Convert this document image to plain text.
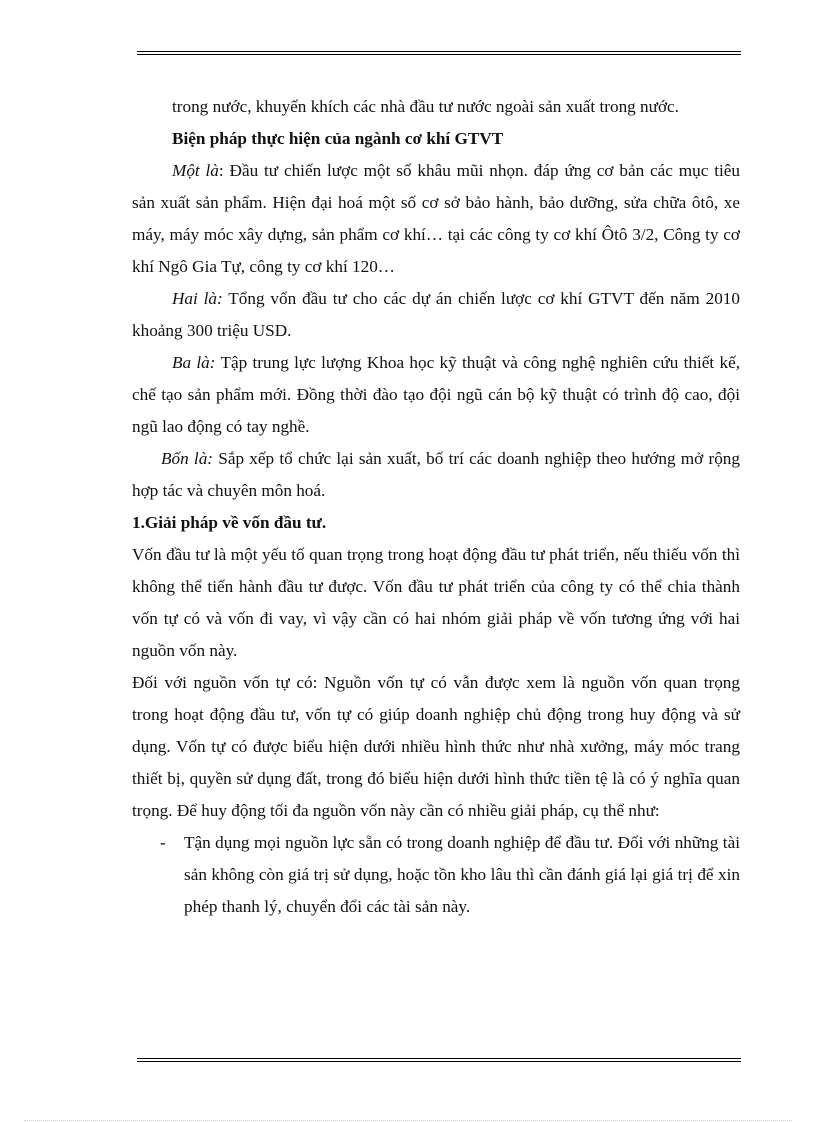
trong nước, khuyến khích các nhà đầu tư nước ngoài sản xuất trong nước.

Biện pháp thực hiện của ngành cơ khí GTVT

Một là: Đầu tư chiến lược một số khâu mũi nhọn. đáp ứng cơ bản các mục tiêu sản xuất sản phẩm. Hiện đại hoá một số cơ sở bảo hành, bảo dưỡng, sửa chữa ôtô, xe máy, máy móc xây dựng, sản phẩm cơ khí… tại các công ty cơ khí Ôtô 3/2, Công ty cơ khí Ngô Gia Tự, công ty cơ khí 120…

Hai là: Tổng vốn đầu tư cho các dự án chiến lược cơ khí GTVT đến năm 2010 khoảng 300 triệu USD.

Ba là: Tập trung lực lượng Khoa học kỹ thuật và công nghệ nghiên cứu thiết kế, chế tạo sản phẩm mới. Đồng thời đào tạo đội ngũ cán bộ kỹ thuật có trình độ cao, đội ngũ lao động có tay nghề.

Bốn là: Sắp xếp tổ chức lại sản xuất, bố trí các doanh nghiệp theo hướng mở rộng hợp tác và chuyên môn hoá.

1.Giải pháp về vốn đầu tư.

Vốn đầu tư là một yếu tố quan trọng trong hoạt động đầu tư phát triển, nếu thiếu vốn thì không thể tiến hành đầu tư được. Vốn đầu tư phát triển của công ty có thể chia thành vốn tự có và vốn đi vay, vì vậy cần có hai nhóm giải pháp về vốn tương ứng với hai nguồn vốn này.

Đối với nguồn vốn tự có: Nguồn vốn tự có vẫn được xem là nguồn vốn quan trọng trong hoạt động đầu tư, vốn tự có giúp doanh nghiệp chủ động trong huy động và sử dụng. Vốn tự có được biểu hiện dưới nhiều hình thức như nhà xưởng, máy móc trang thiết bị, quyền sử dụng đất, trong đó biểu hiện dưới hình thức tiền tệ là có ý nghĩa quan trọng. Để huy động tối đa nguồn vốn này cần có nhiều giải pháp, cụ thể như:

-	Tận dụng mọi nguồn lực sẵn có trong doanh nghiệp để đầu tư. Đối với những tài sản không còn giá trị sử dụng, hoặc tồn kho lâu thì cần đánh giá lại giá trị để xin phép thanh lý, chuyển đổi các tài sản này.
